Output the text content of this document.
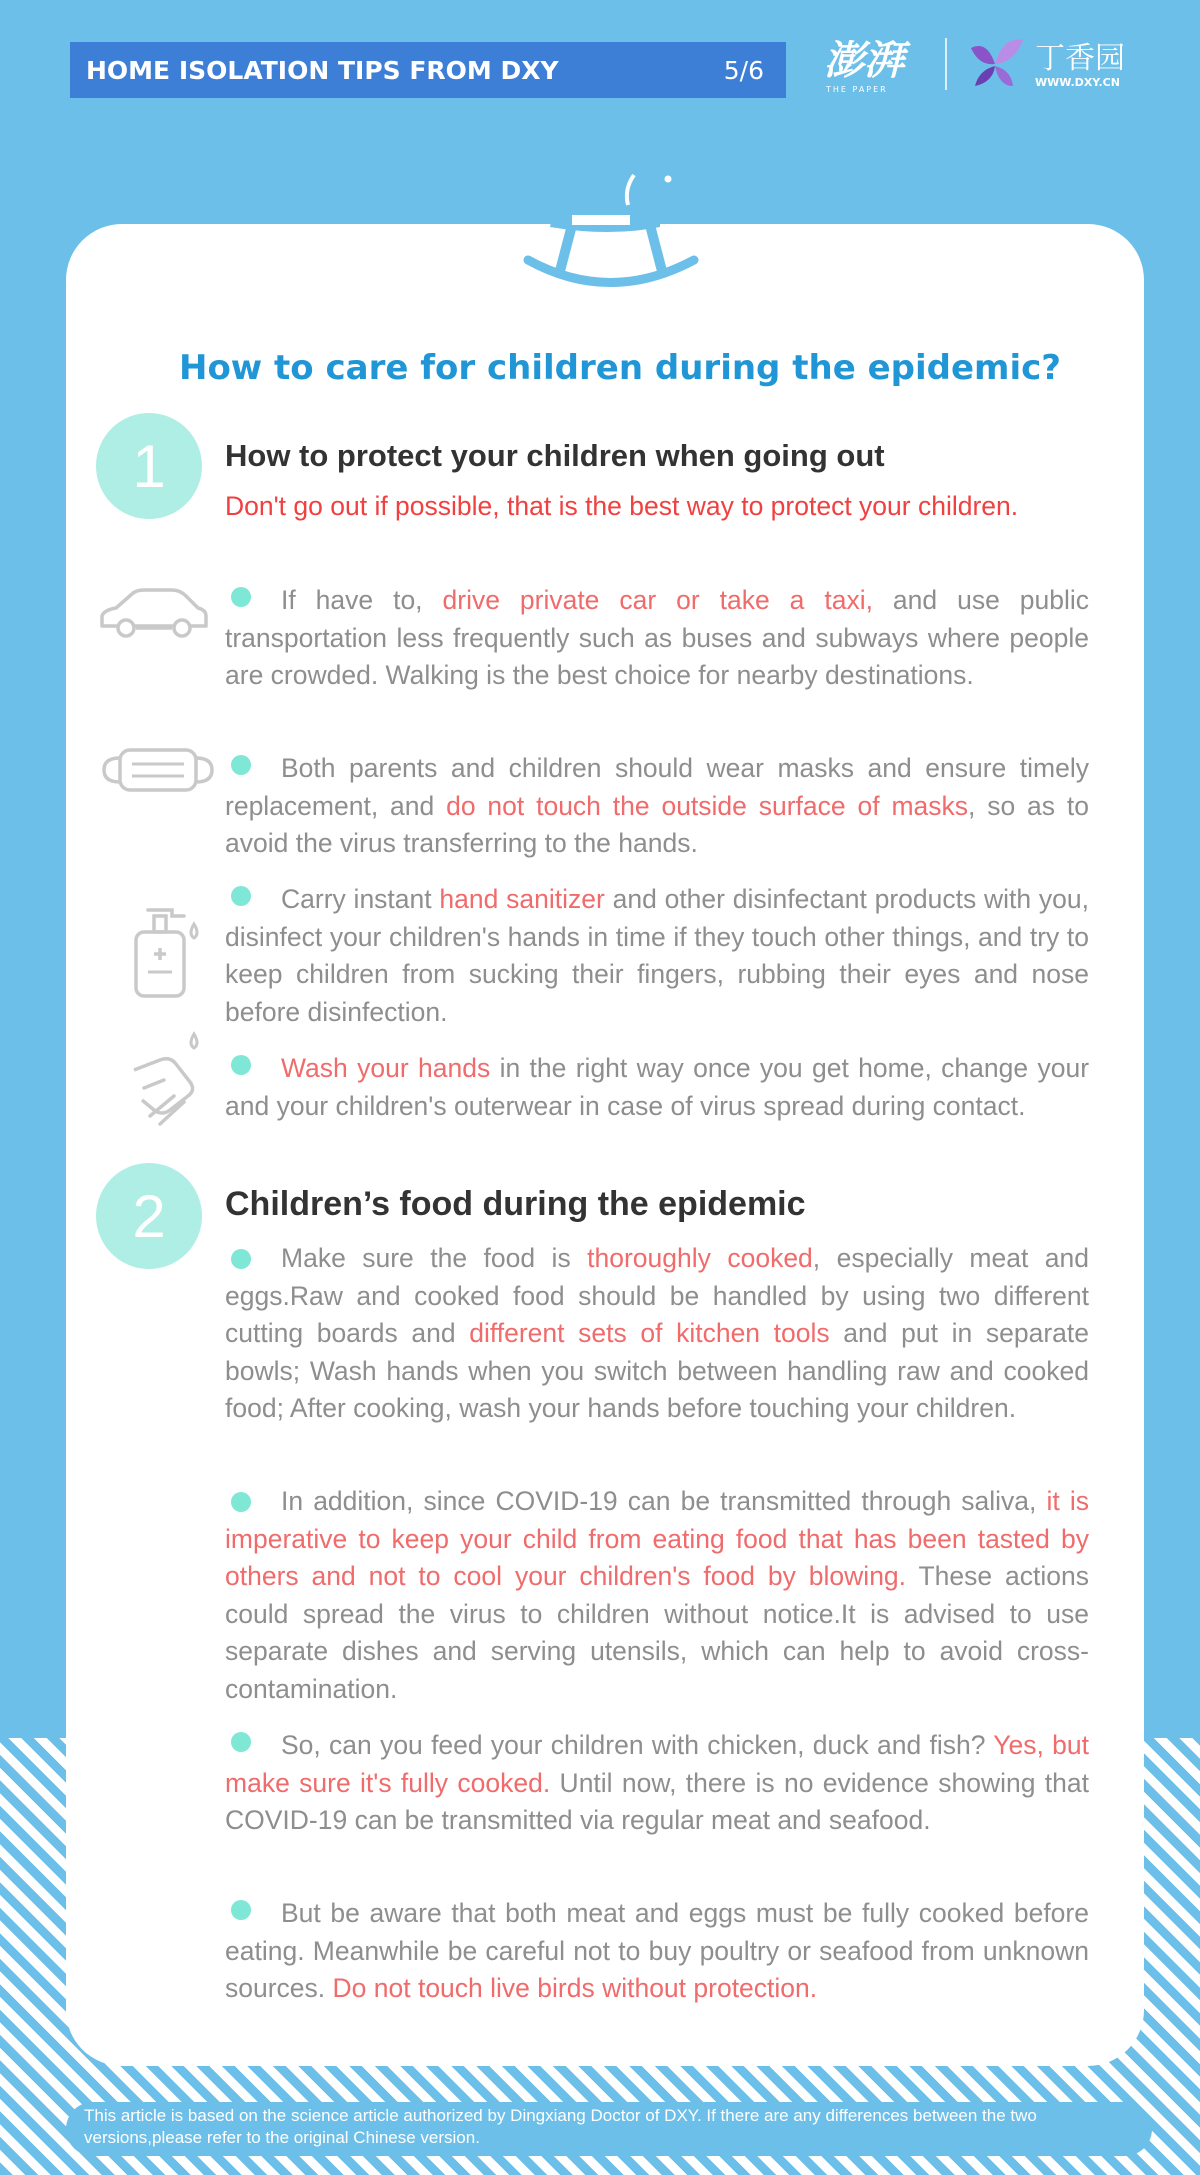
HOME ISOLATION TIPS FROM DXY	5/6 澎湃
THE PAPER
丁香园
WWW.DXY.CN
How to care for children during the epidemic?
1 How to protect your children when going out
Don't go out if possible, that is the best way to protect your children.
If have to, drive private car or take a taxi, and use public transportation less frequently such as buses and subways where people are crowded. Walking is the best choice for nearby destinations.
Both parents and children should wear masks and ensure timely replacement, and do not touch the outside surface of masks, so as to avoid the virus transferring to the hands.
Carry instant hand sanitizer and other disinfectant products with you, disinfect your children's hands in time if they touch other things, and try to keep children from sucking their fingers, rubbing their eyes and nose before disinfection.
Wash your hands in the right way once you get home, change your and your children's outerwear in case of virus spread during contact.
2 Children’s food during the epidemic
Make sure the food is thoroughly cooked, especially meat and eggs.Raw and cooked food should be handled by using two different cutting boards and different sets of kitchen tools and put in separate bowls; Wash hands when you switch between handling raw and cooked food; After cooking, wash your hands before touching your children.
In addition, since COVID-19 can be transmitted through saliva, it is imperative to keep your child from eating food that has been tasted by others and not to cool your children's food by blowing. These actions could spread the virus to children without notice.It is advised to use separate dishes and serving utensils, which can help to avoid cross-contamination.
So, can you feed your children with chicken, duck and fish? Yes, but make sure it's fully cooked. Until now, there is no evidence showing that COVID-19 can be transmitted via regular meat and seafood.
But be aware that both meat and eggs must be fully cooked before eating. Meanwhile be careful not to buy poultry or seafood from unknown sources. Do not touch live birds without protection.
This article is based on the science article authorized by Dingxiang Doctor of DXY. If there are any differences between the two versions,please refer to the original Chinese version.
